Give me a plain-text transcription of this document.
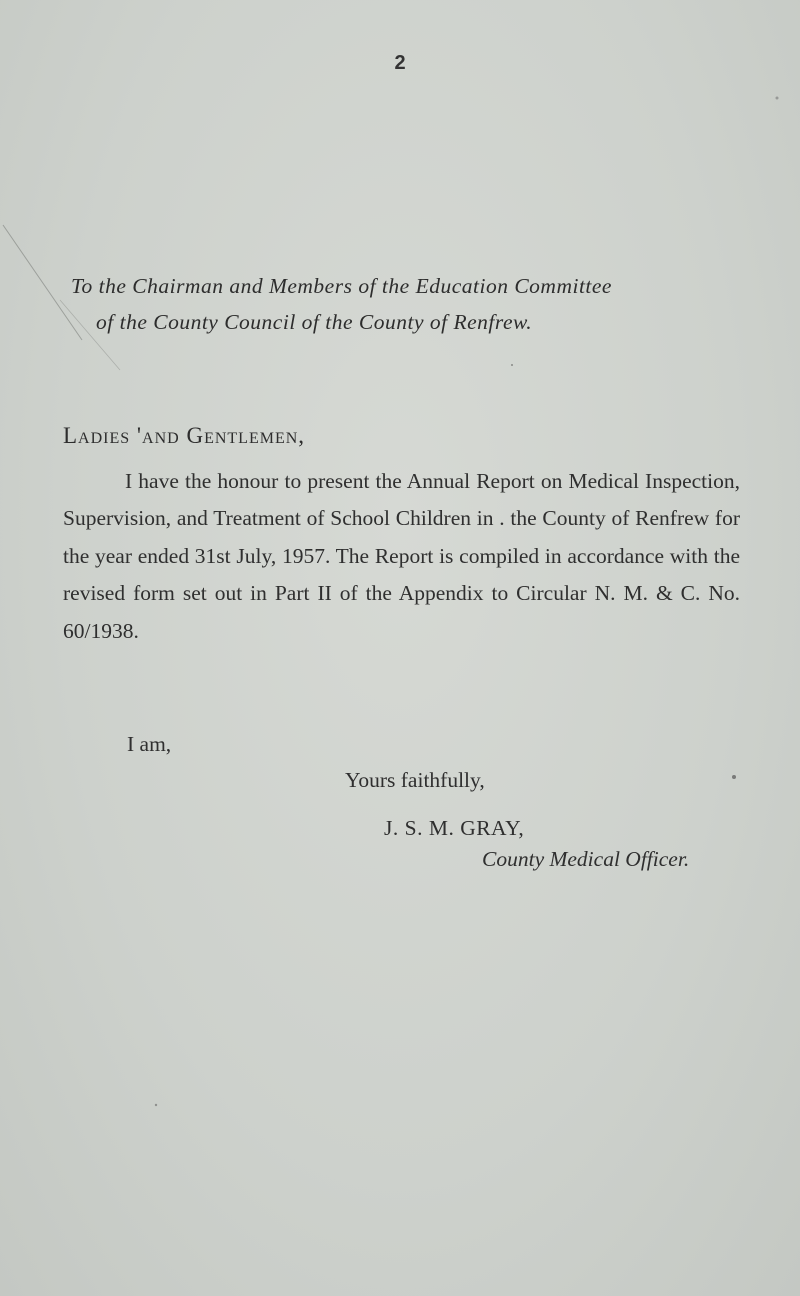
2
To the Chairman and Members of the Education Committee
of the County Council of the County of Renfrew.
Ladies 'and Gentlemen,

I have the honour to present the Annual Report on Medical Inspection, Supervision, and Treatment of School Children in . the County of Renfrew for the year ended 31st July, 1957. The Report is compiled in accordance with the revised form set out in Part II of the Appendix to Circular N. M. & C. No. 60/1938.

I am,
Yours faithfully,
J. S. M. GRAY,
County Medical Officer.
